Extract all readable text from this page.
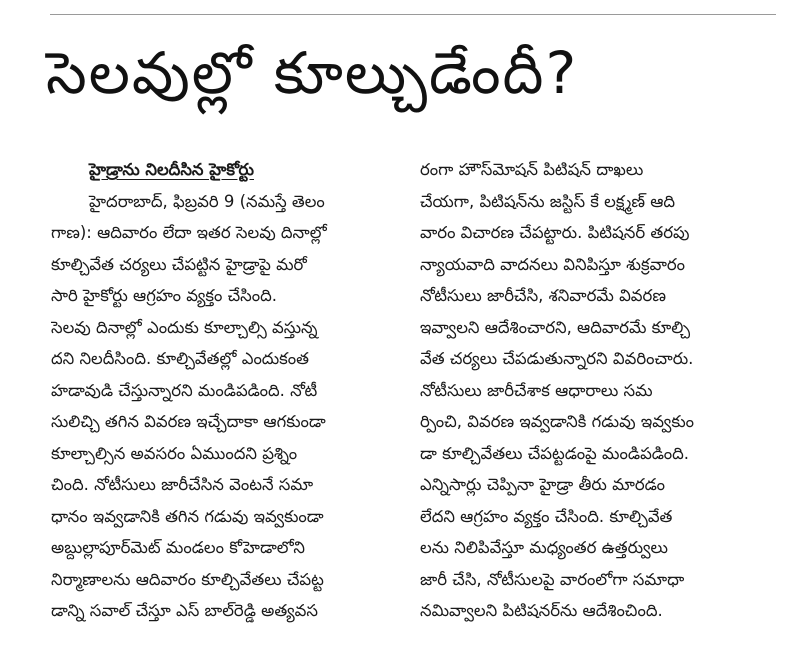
సెలవుల్లో కూల్చుడేందీ?
హైడ్రాను నిలదీసిన హైకోర్టు
హైదరాబాద్, ఫిబ్రవరి 9 (నమస్తే తెలం
గాణ): ఆదివారం లేదా ఇతర సెలవు దినాల్లో
కూల్చివేత చర్యలు చేపట్టిన హైడ్రాపై మరో
సారి హైకోర్టు ఆగ్రహం వ్యక్తం చేసింది.
సెలవు దినాల్లో ఎందుకు కూల్చాల్సి వస్తున్న
దని నిలదీసింది. కూల్చివేతల్లో ఎందుకంత
హడావుడి చేస్తున్నారని మండిపడింది. నోటీ
సులిచ్చి తగిన వివరణ ఇచ్చేదాకా ఆగకుండా
కూల్చాల్సిన అవసరం ఏముందని ప్రశ్నిం
చింది. నోటీసులు జారీచేసిన వెంటనే సమా
ధానం ఇవ్వడానికి తగిన గడువు ఇవ్వకుండా
అబ్దుల్లాపూర్‌మెట్ మండలం కోహెడాలోని
నిర్మాణాలను ఆదివారం కూల్చివేతలు చేపట్ట
డాన్ని సవాల్ చేస్తూ ఎస్ బాల్‌రెడ్డి అత్యవస
రంగా హౌస్‌మోషన్ పిటిషన్ దాఖలు
చేయగా, పిటిషన్‌ను జస్టిస్ కే లక్ష్మణ్ ఆది
వారం విచారణ చేపట్టారు. పిటిషనర్ తరపు
న్యాయవాది వాదనలు వినిపిస్తూ శుక్రవారం
నోటీసులు జారీచేసి, శనివారమే వివరణ
ఇవ్వాలని ఆదేశించారని, ఆదివారమే కూల్చి
వేత చర్యలు చేపడుతున్నారని వివరించారు.
నోటీసులు జారీచేశాక ఆధారాలు సమ
ర్పించి, వివరణ ఇవ్వడానికి గడువు ఇవ్వకుం
డా కూల్చివేతలు చేపట్టడంపై మండిపడింది.
ఎన్నిసార్లు చెప్పినా హైడ్రా తీరు మారడం
లేదని ఆగ్రహం వ్యక్తం చేసింది. కూల్చివేత
లను నిలిపివేస్తూ మధ్యంతర ఉత్తర్వులు
జారీ చేసి, నోటీసులపై వారంలోగా సమాధా
నమివ్వాలని పిటిషనర్‌ను ఆదేశించింది.
